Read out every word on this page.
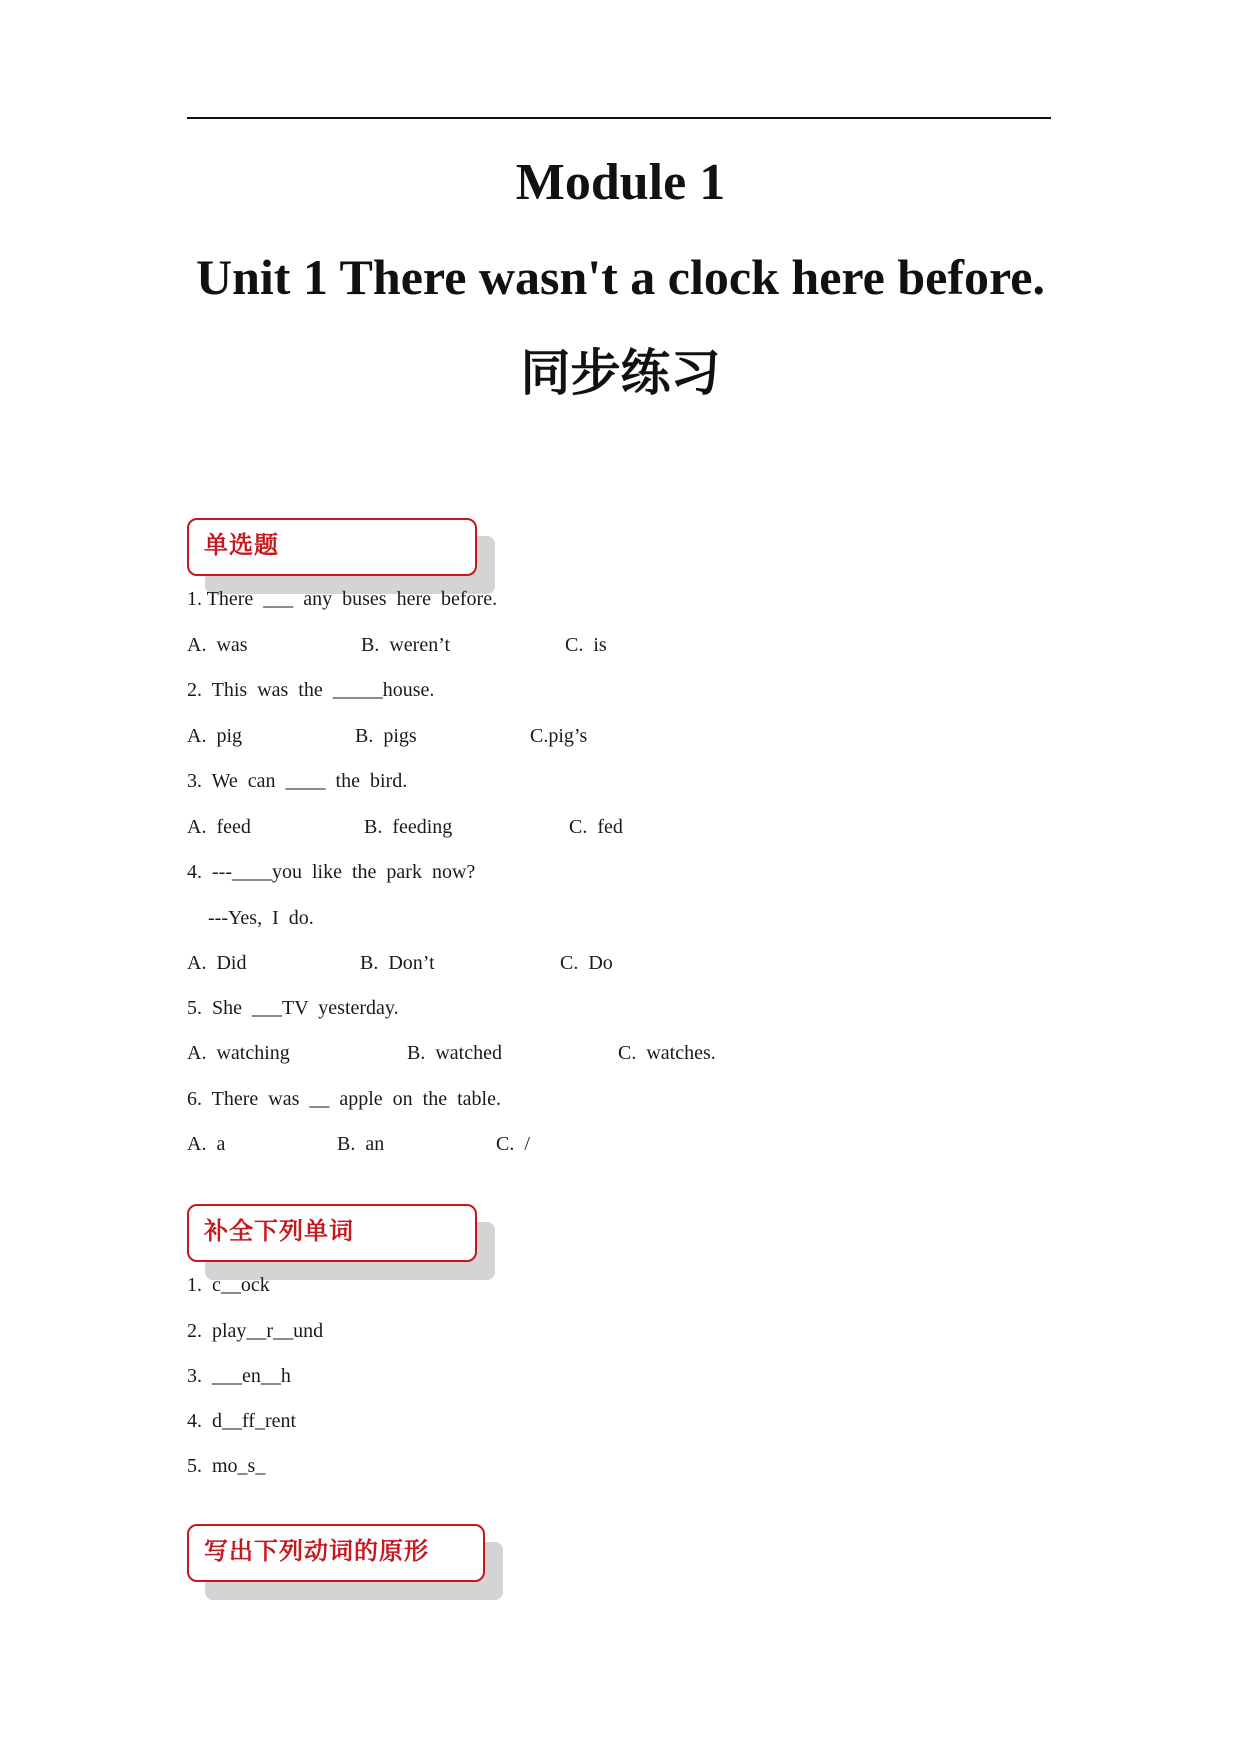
Module 1
Unit 1 There wasn't a clock here before.
同步练习
单选题
1. There  ___  any  buses  here  before.
A.  was	B.  weren’t	C.  is
2.  This  was  the  _____house.
A.  pig	B.  pigs	C.pig’s
3.  We  can  ____  the  bird.
A.  feed	B.  feeding	C.  fed
4.  ---____you  like  the  park  now?
---Yes,  I  do.
A.  Did	B.  Don’t	C.  Do
5.  She  ___TV  yesterday.
A.  watching	B.  watched	C.  watches.
6.  There  was  __  apple  on  the  table.
A.  a	B.  an	C.  /
补全下列单词
1.  c__ock
2.  play__r__und
3.  ___en__h
4.  d__ff_rent
5.  mo_s_
写出下列动词的原形
